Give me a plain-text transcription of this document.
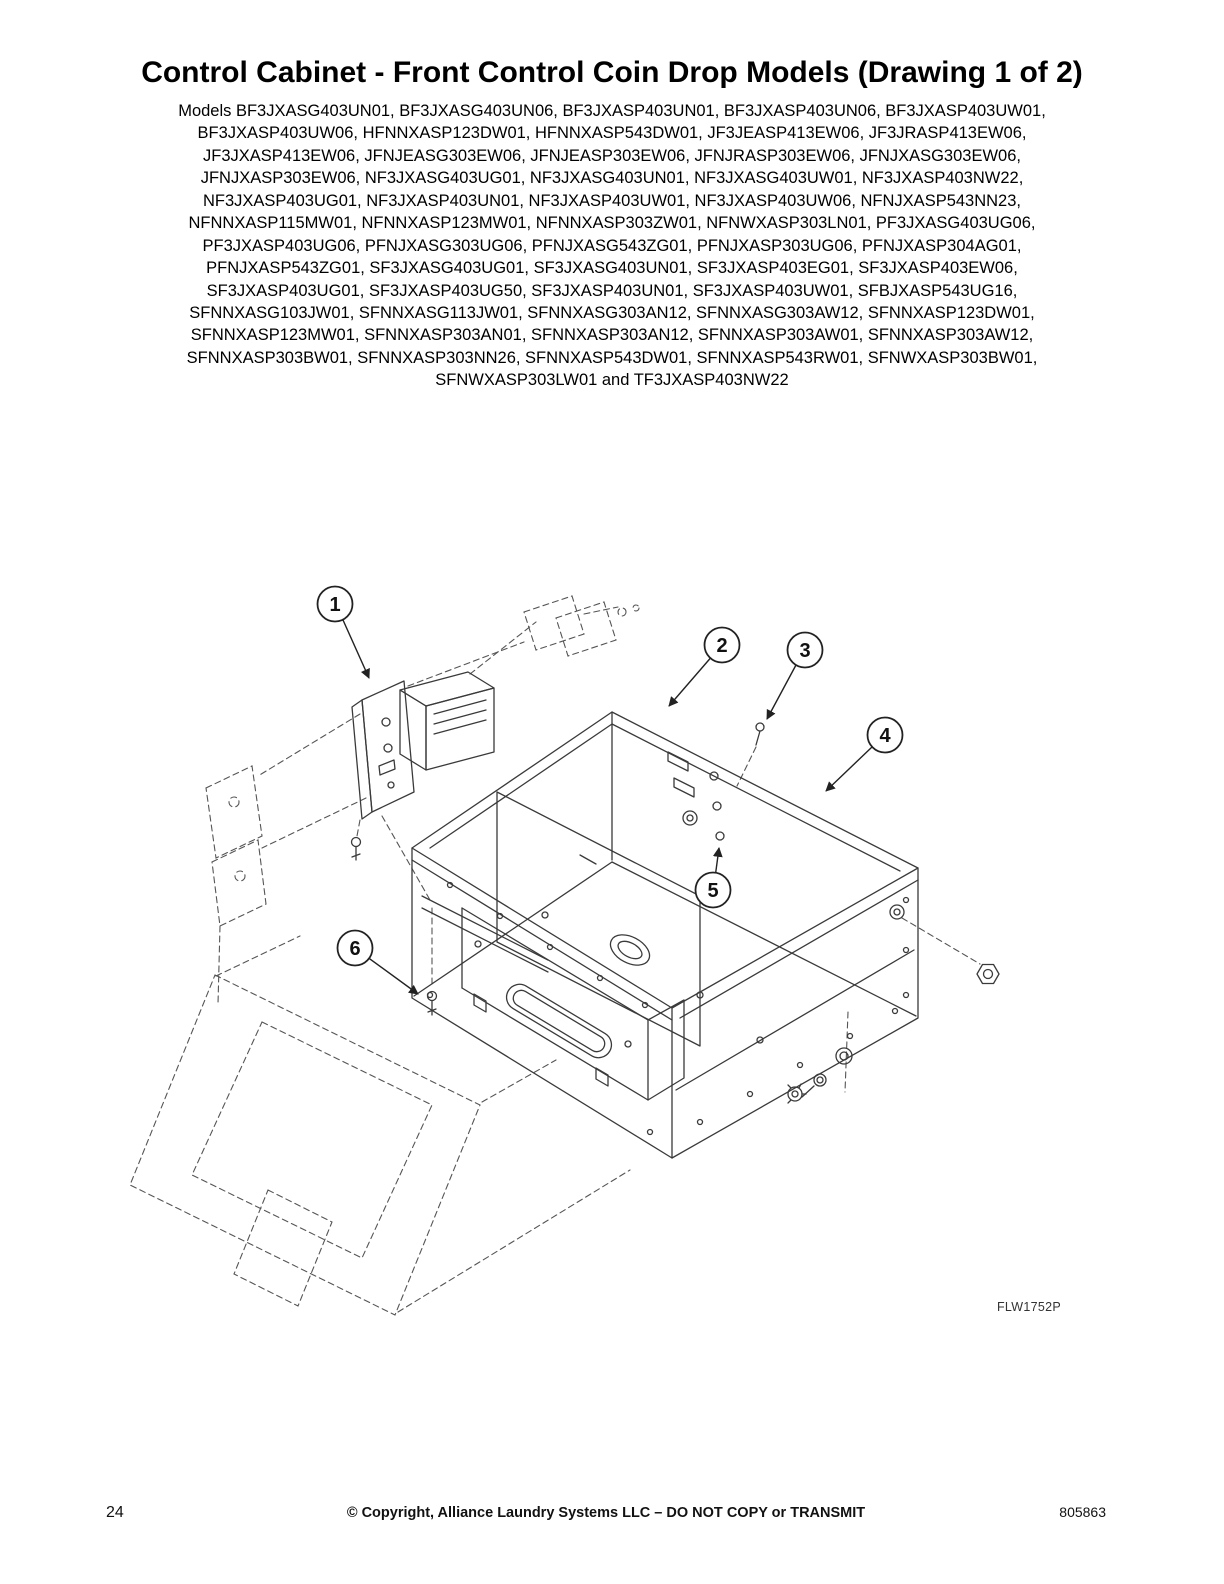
Control Cabinet - Front Control Coin Drop Models (Drawing 1 of 2)

Models BF3JXASG403UN01, BF3JXASG403UN06, BF3JXASP403UN01, BF3JXASP403UN06, BF3JXASP403UW01, BF3JXASP403UW06, HFNNXASP123DW01, HFNNXASP543DW01, JF3JEASP413EW06, JF3JRASP413EW06, JF3JXASP413EW06, JFNJEASG303EW06, JFNJEASP303EW06, JFNJRASP303EW06, JFNJXASG303EW06, JFNJXASP303EW06, NF3JXASG403UG01, NF3JXASG403UN01, NF3JXASG403UW01, NF3JXASP403NW22, NF3JXASP403UG01, NF3JXASP403UN01, NF3JXASP403UW01, NF3JXASP403UW06, NFNJXASP543NN23, NFNNXASP115MW01, NFNNXASP123MW01, NFNNXASP303ZW01, NFNWXASP303LN01, PF3JXASG403UG06, PF3JXASP403UG06, PFNJXASG303UG06, PFNJXASG543ZG01, PFNJXASP303UG06, PFNJXASP304AG01, PFNJXASP543ZG01, SF3JXASG403UG01, SF3JXASG403UN01, SF3JXASP403EG01, SF3JXASP403EW06, SF3JXASP403UG01, SF3JXASP403UG50, SF3JXASP403UN01, SF3JXASP403UW01, SFBJXASP543UG16, SFNNXASG103JW01, SFNNXASG113JW01, SFNNXASG303AN12, SFNNXASG303AW12, SFNNXASP123DW01, SFNNXASP123MW01, SFNNXASP303AN01, SFNNXASP303AN12, SFNNXASP303AW01, SFNNXASP303AW12, SFNNXASP303BW01, SFNNXASP303NN26, SFNNXASP543DW01, SFNNXASP543RW01, SFNWXASP303BW01, SFNWXASP303LW01 and TF3JXASP403NW22

1
2	3
4
5
6
FLW1752P
24	© Copyright, Alliance Laundry Systems LLC – DO NOT COPY or TRANSMIT	805863
